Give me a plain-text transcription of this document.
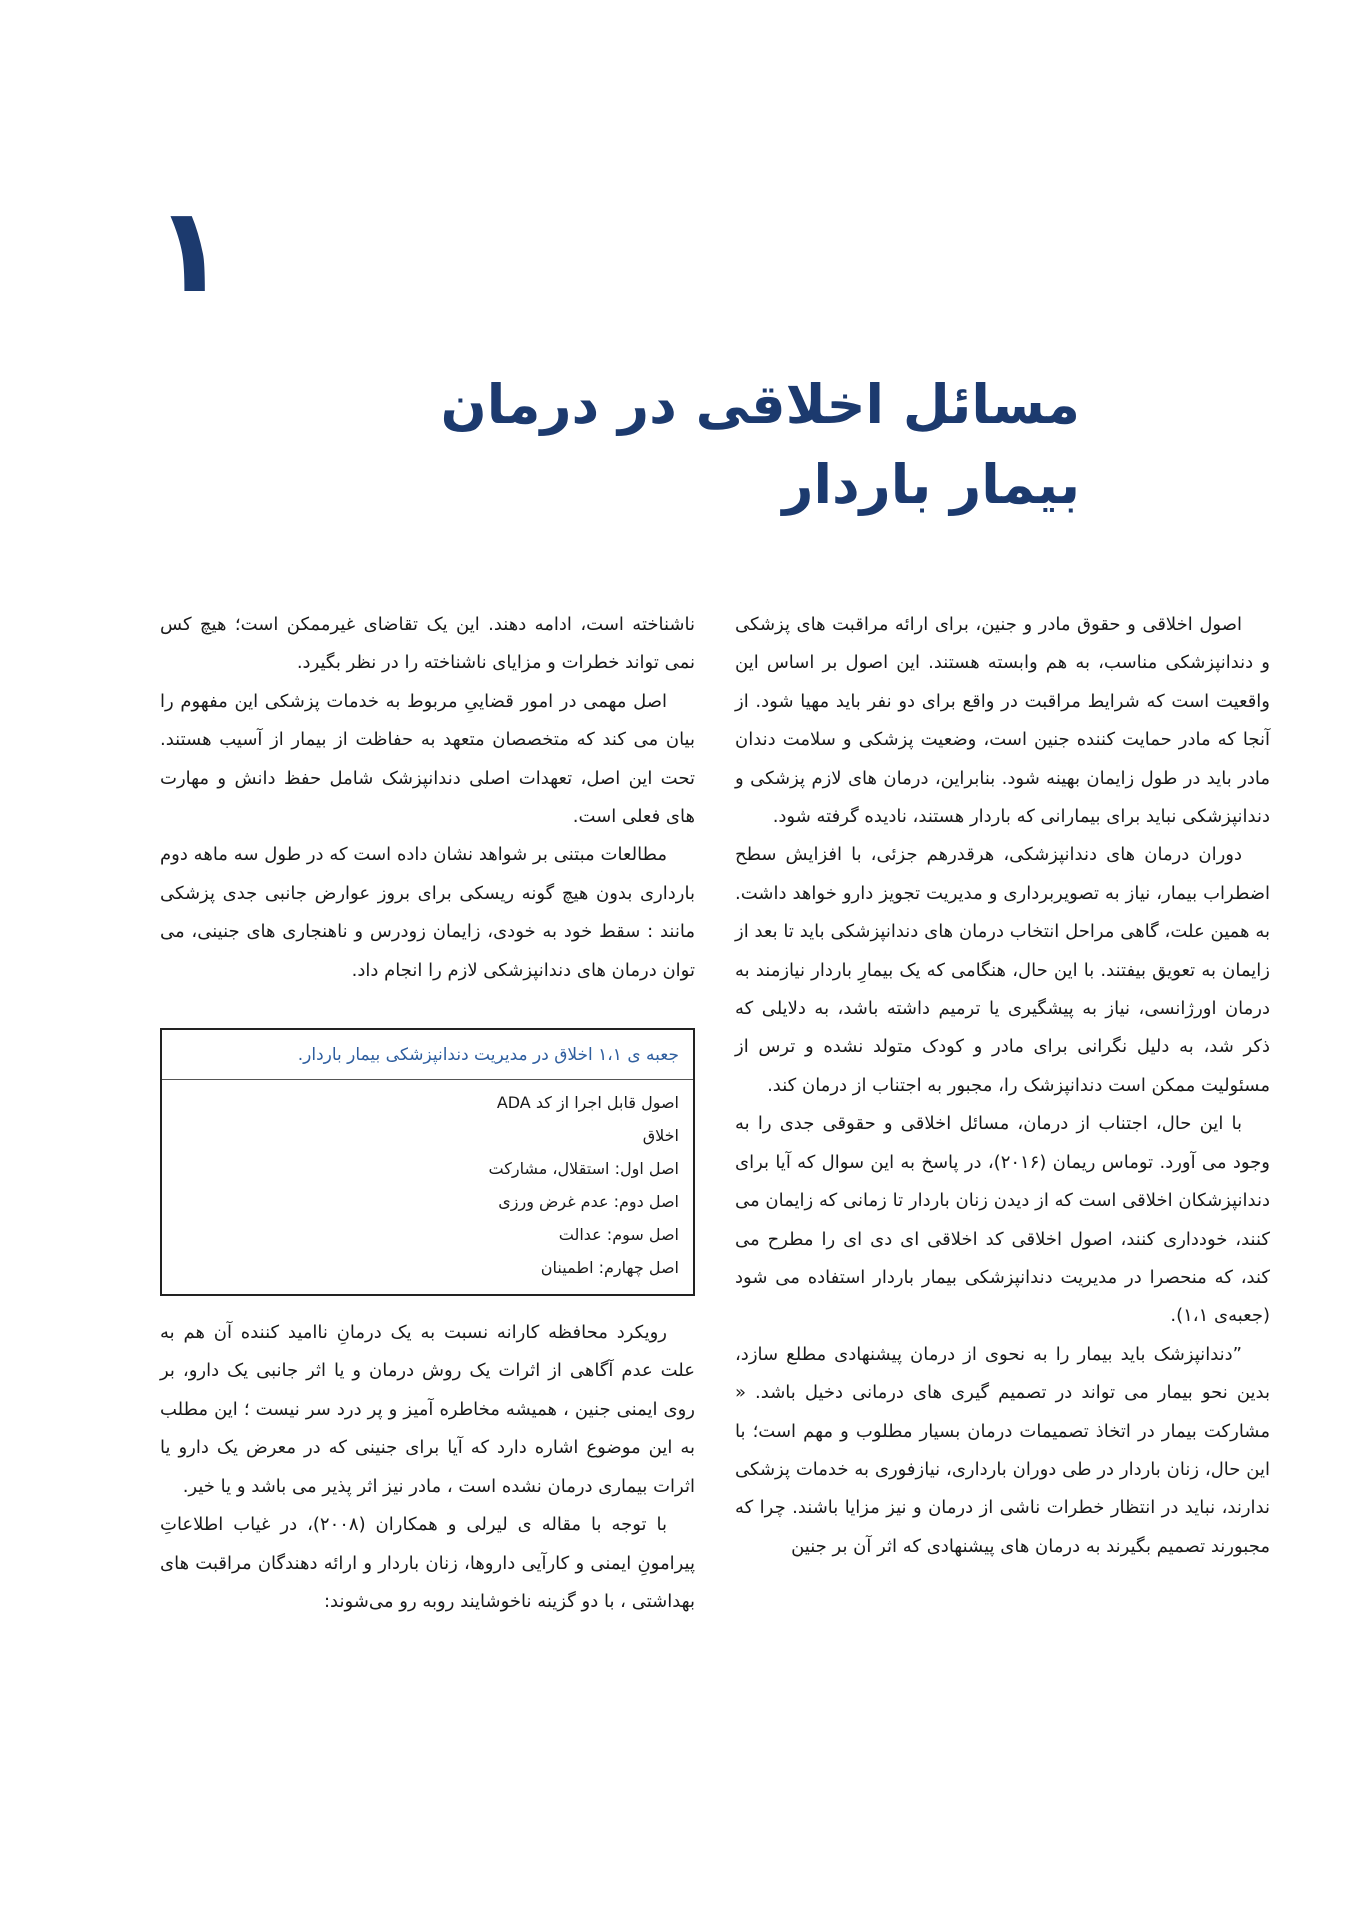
۱
مسائل اخلاقی در درمان بیمار باردار

اصول اخلاقی و حقوق مادر و جنین، برای ارائه مراقبت های پزشکی و دندانپزشکی مناسب، به هم وابسته هستند. این اصول بر اساس این واقعیت است که شرایط مراقبت در واقع برای دو نفر باید مهیا شود. از آنجا که مادر حمایت کننده جنین است، وضعیت پزشکی و سلامت دندان مادر باید در طول زایمان بهینه شود. بنابراین، درمان های لازم پزشکی و دندانپزشکی نباید برای بیمارانی که باردار هستند، نادیده گرفته شود.

دوران درمان های دندانپزشکی، هرقدرهم جزئی، با افزایش سطح اضطراب بیمار، نیاز به تصویربرداری و مدیریت تجویز دارو خواهد داشت. به همین علت، گاهی مراحل انتخاب درمان های دندانپزشکی باید تا بعد از زایمان به تعویق بیفتند. با این حال، هنگامی که یک بیمارِ باردار نیازمند به درمان اورژانسی، نیاز به پیشگیری یا ترمیم داشته باشد، به دلایلی که ذکر شد، به دلیل نگرانی برای مادر و کودک متولد نشده و ترس از مسئولیت ممکن است دندانپزشک را، مجبور به اجتناب از درمان کند.

با این حال، اجتناب از درمان، مسائل اخلاقی و حقوقی جدی را به وجود می آورد. توماس ریمان (۲۰۱۶)، در پاسخ به این سوال که آیا برای دندانپزشکان اخلاقی است که از دیدن زنان باردار تا زمانی که زایمان می کنند، خودداری کنند، اصول اخلاقی کد اخلاقی ای دی ای را مطرح می کند، که منحصرا در مدیریت دندانپزشکی بیمار باردار استفاده می شود (جعبه‌ی ۱،۱).

”دندانپزشک باید بیمار را به نحوی از درمان پیشنهادی مطلع سازد، بدین نحو بیمار می تواند در تصمیم گیری های درمانی دخیل باشد. « مشارکت بیمار در اتخاذ تصمیمات درمان بسیار مطلوب و مهم است؛ با این حال، زنان باردار در طی دوران بارداری، نیازفوری به خدمات پزشکی ندارند، نباید در انتظار خطرات ناشی از درمان و نیز مزایا باشند. چرا که مجبورند تصمیم بگیرند به درمان های پیشنهادی که اثر آن بر جنین

ناشناخته است، ادامه دهند. این یک تقاضای غیرممکن است؛ هیچ کس نمی تواند خطرات و مزایای ناشناخته را در نظر بگیرد.

اصل مهمی در امور قضاییِ مربوط به خدمات پزشکی این مفهوم را بیان می کند که متخصصان متعهد به حفاظت از بیمار از آسیب هستند. تحت این اصل، تعهدات اصلی دندانپزشک شامل حفظ دانش و مهارت های فعلی است.

مطالعات مبتنی بر شواهد نشان داده است که در طول سه ماهه دوم بارداری بدون هیچ گونه ریسکی برای بروز عوارض جانبی جدی پزشکی مانند : سقط خود به خودی، زایمان زودرس و ناهنجاری های جنینی، می توان درمان های دندانپزشکی لازم را انجام داد.

جعبه ی ۱،۱ اخلاق در مدیریت دندانپزشکی بیمار باردار.
اصول قابل اجرا از کد ADA
اخلاق
اصل اول: استقلال، مشارکت
اصل دوم: عدم غرض ورزی
اصل سوم: عدالت
اصل چهارم: اطمینان

رویکرد محافظه کارانه نسبت به یک درمانِ ناامید کننده آن هم به علت عدم آگاهی از اثرات یک روش درمان و یا اثر جانبی یک دارو، بر روی ایمنی جنین ، همیشه مخاطره آمیز و پر درد سر نیست ؛ این مطلب به این موضوع اشاره دارد که آیا برای جنینی که در معرض یک دارو یا اثرات بیماری درمان نشده است ، مادر نیز اثر پذیر می باشد و یا خیر.

با توجه با مقاله ی لیرلی و همکاران (۲۰۰۸)، در غیاب اطلاعاتِ پیرامونِ ایمنی و کارآیی داروها، زنان باردار و ارائه دهندگان مراقبت های بهداشتی ، با دو گزینه ناخوشایند روبه رو می‌شوند:
